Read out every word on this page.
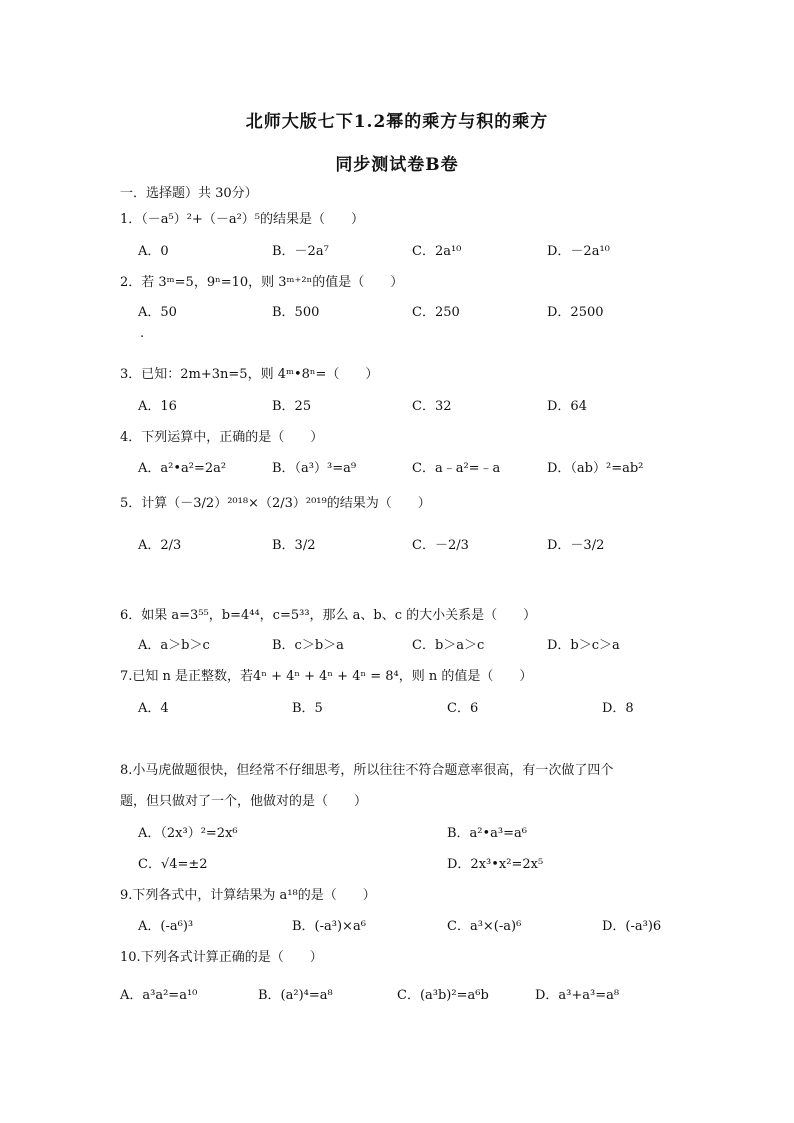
北师大版七下1.2幂的乘方与积的乘方
同步测试卷B卷
一．选择题）共 30分）
1．（－a⁵）²+（－a²）⁵的结果是（　　）
A．0	B．－2a⁷	C．2a¹⁰	D．－2a¹⁰
2．若 3ᵐ=5，9ⁿ=10，则 3ᵐ⁺²ⁿ的值是（　　）
A．50	B．500	C．250	D．2500
.
3．已知：2m+3n=5，则 4ᵐ•8ⁿ=（　　）
A．16	B．25	C．32	D．64
4．下列运算中，正确的是（　　）
A．a²•a²=2a²	B．（a³）³=a⁹	C．a﹣a²=﹣a	D．（ab）²=ab²
5．计算（－3/2）²⁰¹⁸×（2/3）²⁰¹⁹的结果为（　　）
A．2/3	B．3/2	C．－2/3	D．－3/2
6．如果 a=3⁵⁵，b=4⁴⁴，c=5³³，那么 a、b、c 的大小关系是（　　）
A．a＞b＞c	B．c＞b＞a	C．b＞a＞c	D．b＞c＞a
7.已知 n 是正整数，若4ⁿ + 4ⁿ + 4ⁿ + 4ⁿ = 8⁴，则 n 的值是（　　）
A．4	B．5	C．6	D．8
8.小马虎做题很快，但经常不仔细思考，所以往往不符合题意率很高，有一次做了四个
题，但只做对了一个，他做对的是（　　）
A．（2x³）²=2x⁶	B．a²•a³=a⁶
C．√4=±2	D．2x³•x²=2x⁵
9.下列各式中，计算结果为 a¹⁸的是（　　）
A．(-a⁶)³	B．(-a³)×a⁶	C．a³×(-a)⁶	D．(-a³)6
10.下列各式计算正确的是（　　）
A．a³a²=a¹⁰	B．(a²)⁴=a⁸	C．(a³b)²=a⁶b	D．a³+a³=a⁸
